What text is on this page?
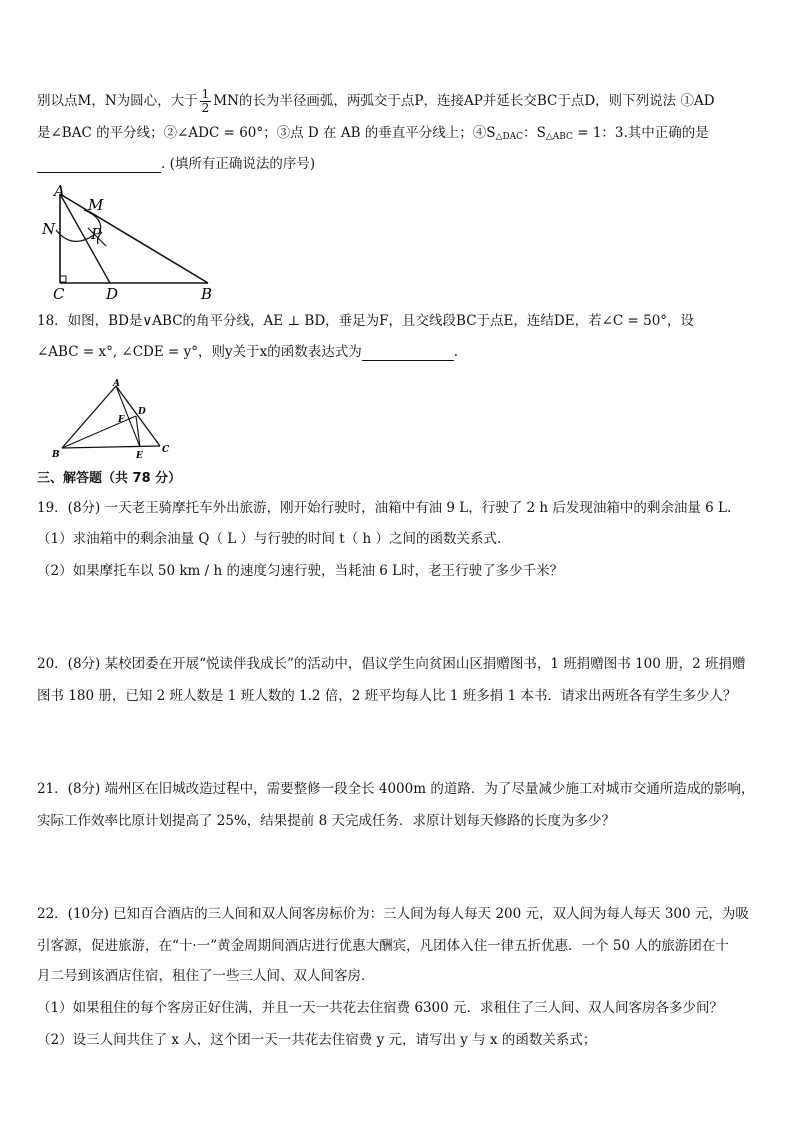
别以点M，N为圆心，大于 $\frac{1}{2}$ MN的长为半径画弧，两弧交于点P，连接AP并延长交BC于点D，则下列说法 ①AD
是∠BAC 的平分线；②∠ADC = 60°；③点 D 在 AB 的垂直平分线上；$④S_{\triangle DAC}$：$S_{\triangle ABC} = 1$：3.其中正确的是
. (填所有正确说法的序号)
A
M
N P
C	D	B
18．如图，BD是∨ABC的角平分线，AE ⊥ BD，垂足为F，且交线段BC于点E，连结DE，若∠C = 50°，设
∠ABC = x°, ∠CDE = y°，则y关于x的函数表达式为	.
A
F
D
B	E
C
三、解答题（共 78 分）
19．(8分) 一天老王骑摩托车外出旅游，刚开始行驶时，油箱中有油 9 L，行驶了 2 h 后发现油箱中的剩余油量 6 L.
（1）求油箱中的剩余油量 Q（ L ）与行驶的时间 t（ h ）之间的函数关系式.
（2）如果摩托车以 50 km / h 的速度匀速行驶，当耗油 6 L时，老王行驶了多少千米？
20．(8分) 某校团委在开展“悦读伴我成长”的活动中，倡议学生向贫困山区捐赠图书，1 班捐赠图书 100 册，2 班捐赠
图书 180 册，已知 2 班人数是 1 班人数的 1.2 倍，2 班平均每人比 1 班多捐 1 本书．请求出两班各有学生多少人？
21．(8分) 端州区在旧城改造过程中，需要整修一段全长 4000m 的道路．为了尽量减少施工对城市交通所造成的影响，
实际工作效率比原计划提高了 25%，结果提前 8 天完成任务．求原计划每天修路的长度为多少？
22．(10分) 已知百合酒店的三人间和双人间客房标价为：三人间为每人每天 200 元，双人间为每人每天 300 元，为吸
引客源，促进旅游，在“十·一”黄金周期间酒店进行优惠大酬宾，凡团体入住一律五折优惠．一个 50 人的旅游团在十
月二号到该酒店住宿，租住了一些三人间、双人间客房．
（1）如果租住的每个客房正好住满，并且一天一共花去住宿费 6300 元．求租住了三人间、双人间客房各多少间？
（2）设三人间共住了 x 人，这个团一天一共花去住宿费 y 元，请写出 y 与 x 的函数关系式；
